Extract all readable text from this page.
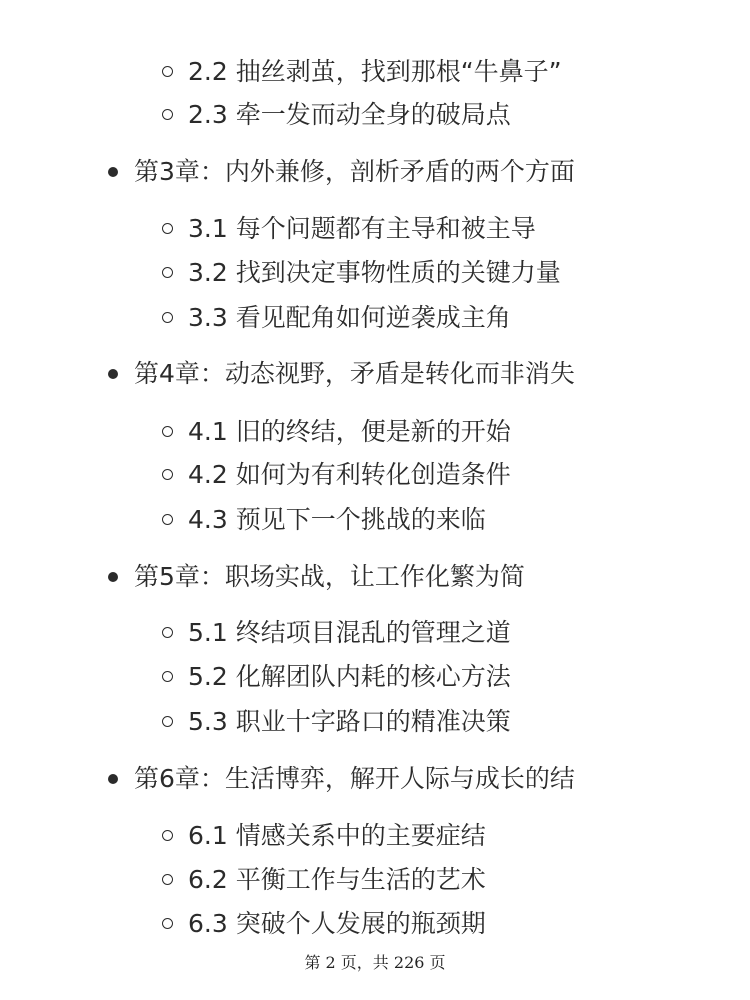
2.2 抽丝剥茧，找到那根“牛鼻子”
2.3 牵一发而动全身的破局点
第3章：内外兼修，剖析矛盾的两个方面
3.1 每个问题都有主导和被主导
3.2 找到决定事物性质的关键力量
3.3 看见配角如何逆袭成主角
第4章：动态视野，矛盾是转化而非消失
4.1 旧的终结，便是新的开始
4.2 如何为有利转化创造条件
4.3 预见下一个挑战的来临
第5章：职场实战，让工作化繁为简
5.1 终结项目混乱的管理之道
5.2 化解团队内耗的核心方法
5.3 职业十字路口的精准决策
第6章：生活博弈，解开人际与成长的结
6.1 情感关系中的主要症结
6.2 平衡工作与生活的艺术
6.3 突破个人发展的瓶颈期
第 2 页，共 226 页
